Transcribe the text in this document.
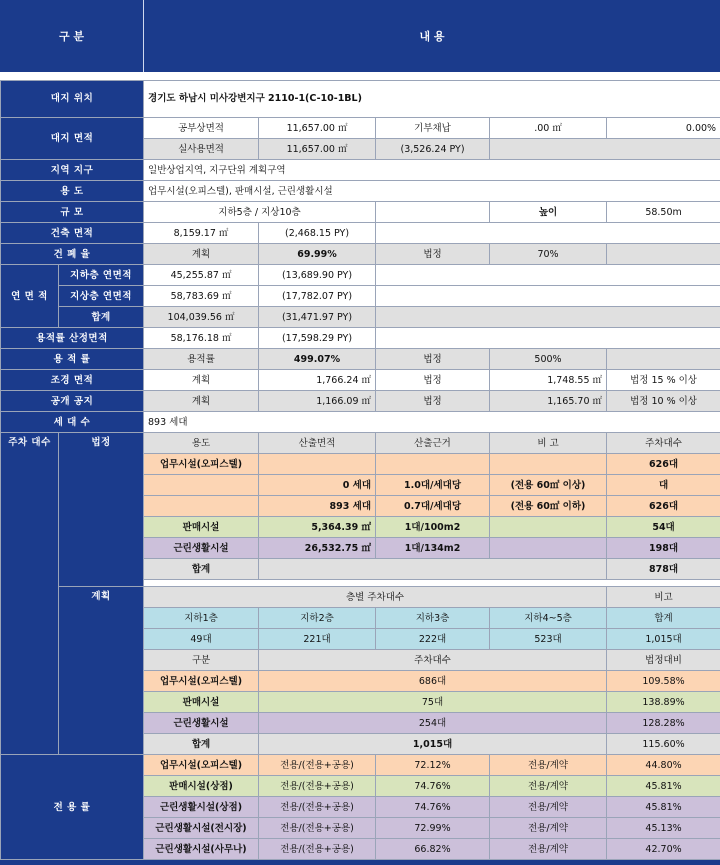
구 분	내 용
대지 위치		경기도 하남시 미사강변지구 2110-1(C-10-1BL)				
대지 면적		공부상면적	11,657.00 ㎡	기부채납	.00 ㎡	0.00%
		실사용면적	11,657.00 ㎡	(3,526.24 PY)		
지역 지구		일반상업지역, 지구단위 계획구역				
용 도		업무시설(오피스텔), 판매시설, 근린생활시설				
규 모		지하5층 / 지상10층			높이	58.50m
건축 면적		8,159.17 ㎡	(2,468.15 PY)			
건 폐 율		계획	69.99%	법정	70%	
연 면 적	지하층 연면적	45,255.87 ㎡	(13,689.90 PY)			
	지상층 연면적	58,783.69 ㎡	(17,782.07 PY)			
	합계	104,039.56 ㎡	(31,471.97 PY)			
용적률 산정면적		58,176.18 ㎡	(17,598.29 PY)			
용 적 률		용적률	499.07%	법정	500%	
조경 면적		계획	1,766.24 ㎡	법정	1,748.55 ㎡	법정 15 % 이상
공개 공지		계획	1,166.09 ㎡	법정	1,165.70 ㎡	법정 10 % 이상
세 대 수		893 세대				
주차 대수	법정	용도	산출면적	산출근거	비 고	주차대수
		업무시설(오피스텔)				626대
			0 세대	1.0대/세대당	(전용 60㎡ 이상)	대
			893 세대	0.7대/세대당	(전용 60㎡ 이하)	626대
		판매시설	5,364.39 ㎡	1대/100m2		54대
		근린생활시설	26,532.75 ㎡	1대/134m2		198대
		합계				878대

	계획	층별 주차대수				비고
		지하1층	지하2층	지하3층	지하4~5층	합계
		49대	221대	222대	523대	1,015대
		구분	주차대수			법정대비
		업무시설(오피스텔)	686대			109.58%
		판매시설	75대			138.89%
		근린생활시설	254대			128.28%
		합계	1,015대			115.60%
전 용 률		업무시설(오피스텔)	전용/(전용+공용)	72.12%	전용/계약	44.80%
		판매시설(상점)	전용/(전용+공용)	74.76%	전용/계약	45.81%
		근린생활시설(상점)	전용/(전용+공용)	74.76%	전용/계약	45.81%
		근린생활시설(전시장)	전용/(전용+공용)	72.99%	전용/계약	45.13%
		근린생활시설(사무나)	전용/(전용+공용)	66.82%	전용/계약	42.70%
